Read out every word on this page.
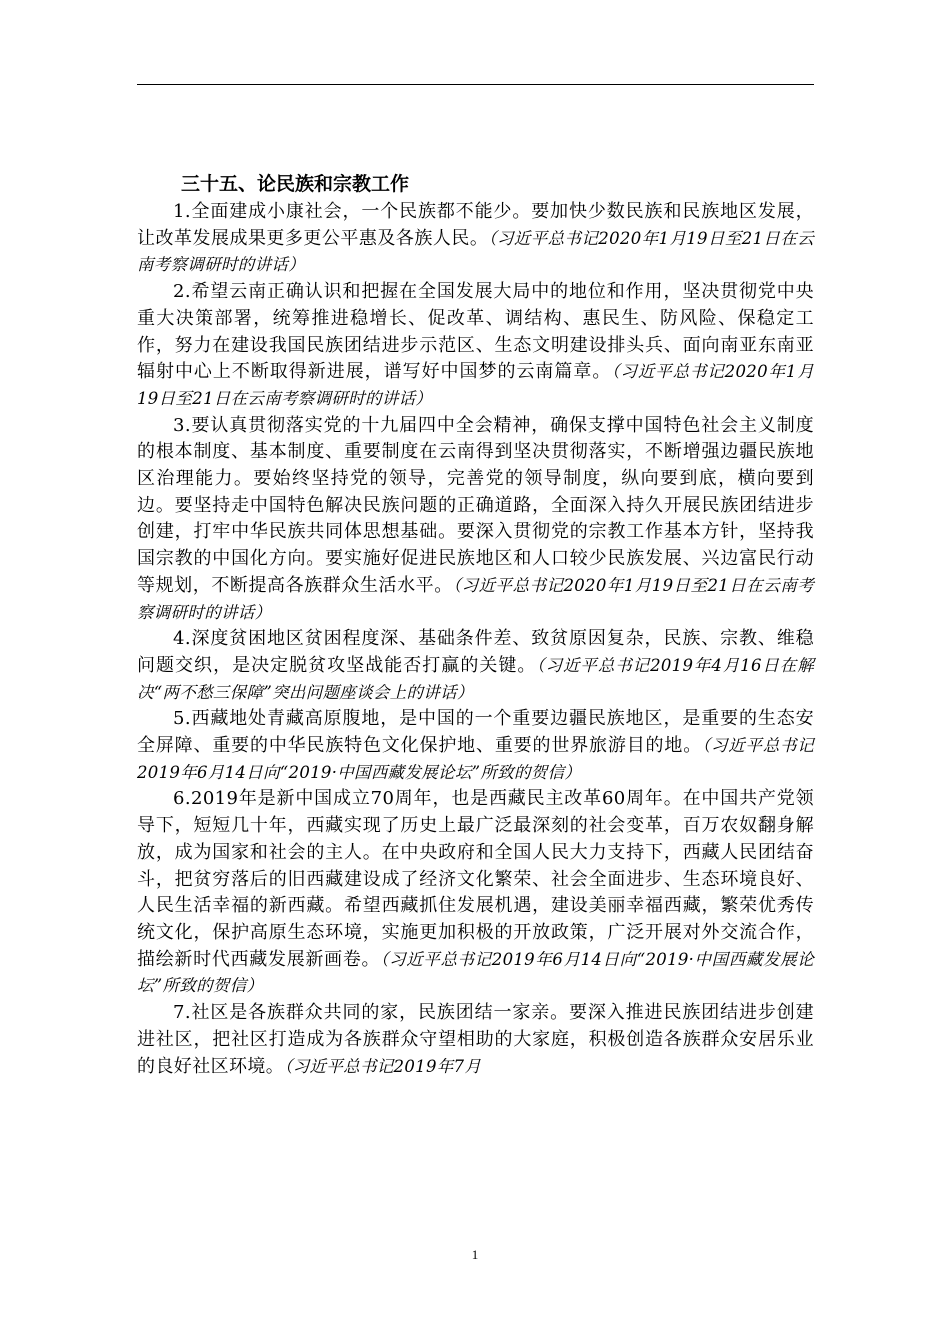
三十五、论民族和宗教工作

1.全面建成小康社会，一个民族都不能少。要加快少数民族和民族地区发展，让改革发展成果更多更公平惠及各族人民。（习近平总书记2020年1月19日至21日在云南考察调研时的讲话）

2.希望云南正确认识和把握在全国发展大局中的地位和作用，坚决贯彻党中央重大决策部署，统筹推进稳增长、促改革、调结构、惠民生、防风险、保稳定工作，努力在建设我国民族团结进步示范区、生态文明建设排头兵、面向南亚东南亚辐射中心上不断取得新进展，谱写好中国梦的云南篇章。（习近平总书记2020年1月19日至21日在云南考察调研时的讲话）

3.要认真贯彻落实党的十九届四中全会精神，确保支撑中国特色社会主义制度的根本制度、基本制度、重要制度在云南得到坚决贯彻落实，不断增强边疆民族地区治理能力。要始终坚持党的领导，完善党的领导制度，纵向要到底，横向要到边。要坚持走中国特色解决民族问题的正确道路，全面深入持久开展民族团结进步创建，打牢中华民族共同体思想基础。要深入贯彻党的宗教工作基本方针，坚持我国宗教的中国化方向。要实施好促进民族地区和人口较少民族发展、兴边富民行动等规划，不断提高各族群众生活水平。（习近平总书记2020年1月19日至21日在云南考察调研时的讲话）

4.深度贫困地区贫困程度深、基础条件差、致贫原因复杂，民族、宗教、维稳问题交织，是决定脱贫攻坚战能否打赢的关键。（习近平总书记2019年4月16日在解决“两不愁三保障”突出问题座谈会上的讲话）

5.西藏地处青藏高原腹地，是中国的一个重要边疆民族地区，是重要的生态安全屏障、重要的中华民族特色文化保护地、重要的世界旅游目的地。（习近平总书记2019年6月14日向“2019·中国西藏发展论坛”所致的贺信）

6.2019年是新中国成立70周年，也是西藏民主改革60周年。在中国共产党领导下，短短几十年，西藏实现了历史上最广泛最深刻的社会变革，百万农奴翻身解放，成为国家和社会的主人。在中央政府和全国人民大力支持下，西藏人民团结奋斗，把贫穷落后的旧西藏建设成了经济文化繁荣、社会全面进步、生态环境良好、人民生活幸福的新西藏。希望西藏抓住发展机遇，建设美丽幸福西藏，繁荣优秀传统文化，保护高原生态环境，实施更加积极的开放政策，广泛开展对外交流合作，描绘新时代西藏发展新画卷。（习近平总书记2019年6月14日向“2019·中国西藏发展论坛”所致的贺信）

7.社区是各族群众共同的家，民族团结一家亲。要深入推进民族团结进步创建进社区，把社区打造成为各族群众守望相助的大家庭，积极创造各族群众安居乐业的良好社区环境。（习近平总书记2019年7月

1
